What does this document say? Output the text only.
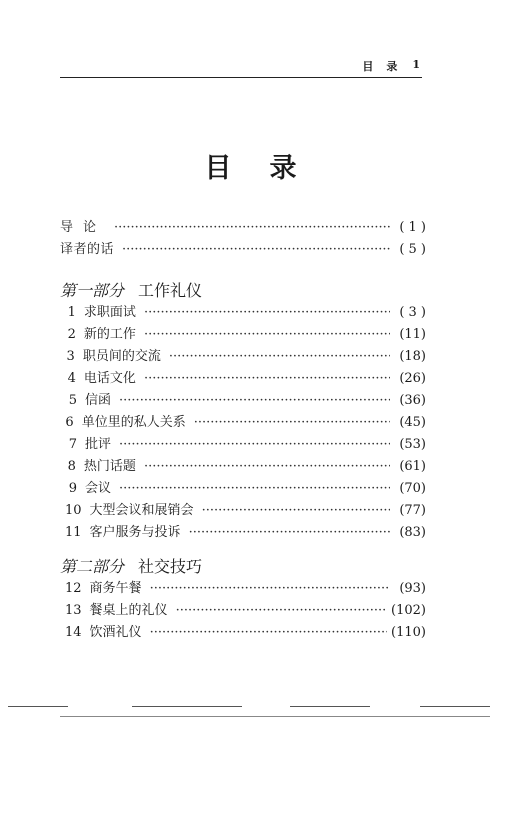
目　录 1
目录
导论 ·····	( 1 )
译者的话 ·····	( 5 )
第一部分 工作礼仪
1 求职面试 ·····	( 3 )
2 新的工作 ·····	(11)
3 职员间的交流 ·····	(18)
4 电话文化 ·····	(26)
5 信函 ·····	(36)
6 单位里的私人关系 ·····	(45)
7 批评 ·····	(53)
8 热门话题 ·····	(61)
9 会议 ·····	(70)
10 大型会议和展销会 ·····	(77)
11 客户服务与投诉 ·····	(83)
第二部分 社交技巧
12 商务午餐 ·····	(93)
13 餐桌上的礼仪 ·····	(102)
14 饮酒礼仪 ·····	(110)
